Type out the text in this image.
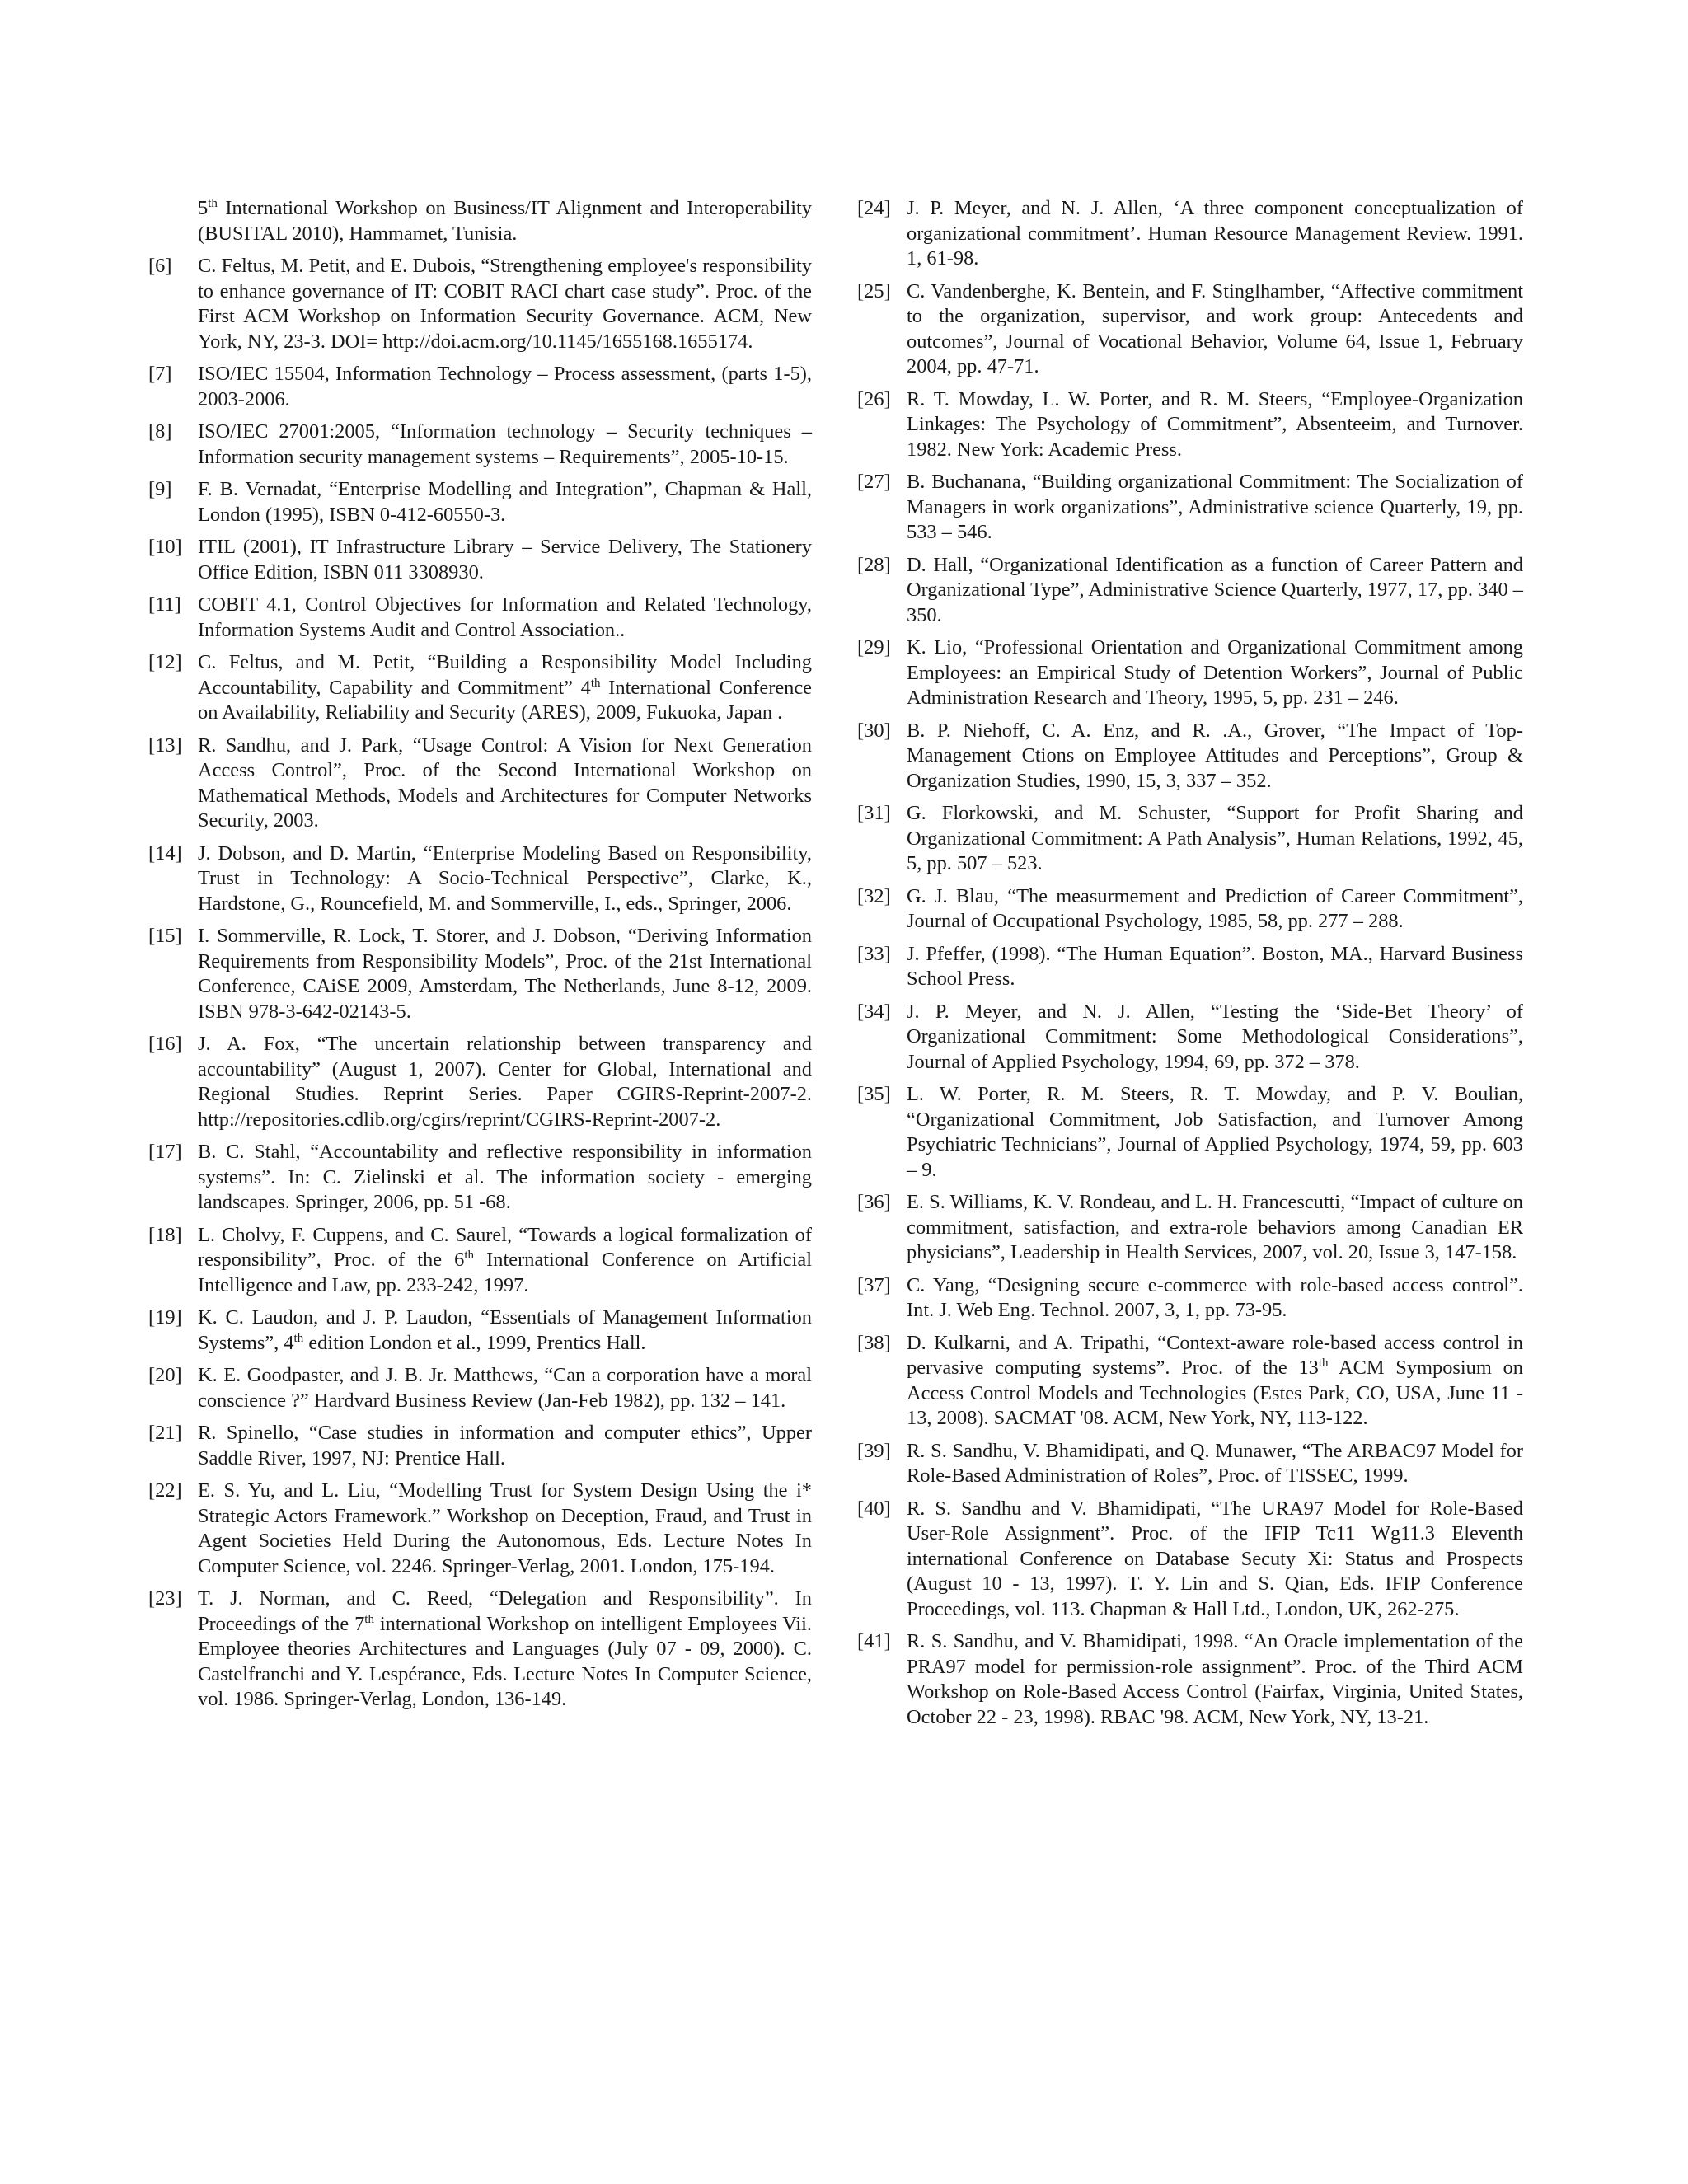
5th International Workshop on Business/IT Alignment and Interoperability (BUSITAL 2010), Hammamet, Tunisia.
[6]	C. Feltus, M. Petit, and E. Dubois, “Strengthening employee's responsibility to enhance governance of IT: COBIT RACI chart case study”. Proc. of the First ACM Workshop on Information Security Governance. ACM, New York, NY, 23-3. DOI= http://doi.acm.org/10.1145/1655168.1655174.
[7]	ISO/IEC 15504, Information Technology – Process assessment, (parts 1-5), 2003-2006.
[8]	ISO/IEC 27001:2005, “Information technology – Security techniques – Information security management systems – Requirements”, 2005-10-15.
[9]	F. B. Vernadat, “Enterprise Modelling and Integration”, Chapman & Hall, London (1995), ISBN 0-412-60550-3.
[10] ITIL (2001), IT Infrastructure Library – Service Delivery, The Stationery Office Edition, ISBN 011 3308930.
[11] COBIT 4.1, Control Objectives for Information and Related Technology, Information Systems Audit and Control Association..
[12] C. Feltus, and M. Petit, “Building a Responsibility Model Including Accountability, Capability and Commitment” 4th International Conference on Availability, Reliability and Security (ARES), 2009, Fukuoka, Japan .
[13] R. Sandhu, and J. Park, “Usage Control: A Vision for Next Generation Access Control”, Proc. of the Second International Workshop on Mathematical Methods, Models and Architectures for Computer Networks Security, 2003.
[14] J. Dobson, and D. Martin, “Enterprise Modeling Based on Responsibility, Trust in Technology: A Socio-Technical Perspective”, Clarke, K., Hardstone, G., Rouncefield, M. and Sommerville, I., eds., Springer, 2006.
[15] I. Sommerville, R. Lock, T. Storer, and J. Dobson, “Deriving Information Requirements from Responsibility Models”, Proc. of the 21st International Conference, CAiSE 2009, Amsterdam, The Netherlands, June 8-12, 2009. ISBN 978-3-642-02143-5.
[16] J. A. Fox, “The uncertain relationship between transparency and accountability” (August 1, 2007). Center for Global, International and Regional Studies. Reprint Series. Paper CGIRS-Reprint-2007-2. http://repositories.cdlib.org/cgirs/reprint/CGIRS-Reprint-2007-2.
[17] B. C. Stahl, “Accountability and reflective responsibility in information systems”. In: C. Zielinski et al. The information society - emerging landscapes. Springer, 2006, pp. 51 -68.
[18] L. Cholvy, F. Cuppens, and C. Saurel, “Towards a logical formalization of responsibility”, Proc. of the 6th International Conference on Artificial Intelligence and Law, pp. 233-242, 1997.
[19] K. C. Laudon, and J. P. Laudon, “Essentials of Management Information Systems”, 4th edition London et al., 1999, Prentics Hall.
[20] K. E. Goodpaster, and J. B. Jr. Matthews, “Can a corporation have a moral conscience ?” Hardvard Business Review (Jan-Feb 1982), pp. 132 – 141.
[21] R. Spinello, “Case studies in information and computer ethics”, Upper Saddle River, 1997, NJ: Prentice Hall.
[22] E. S. Yu, and L. Liu, “Modelling Trust for System Design Using the i* Strategic Actors Framework.” Workshop on Deception, Fraud, and Trust in Agent Societies Held During the Autonomous, Eds. Lecture Notes In Computer Science, vol. 2246. Springer-Verlag, 2001. London, 175-194.
[23] T. J. Norman, and C. Reed, “Delegation and Responsibility”. In Proceedings of the 7th international Workshop on intelligent Employees Vii. Employee theories Architectures and Languages (July 07 - 09, 2000). C. Castelfranchi and Y. Lespérance, Eds. Lecture Notes In Computer Science, vol. 1986. Springer-Verlag, London, 136-149.
[24] J. P. Meyer, and N. J. Allen, ‘A three component conceptualization of organizational commitment’. Human Resource Management Review. 1991. 1, 61-98.
[25] C. Vandenberghe, K. Bentein, and F. Stinglhamber, “Affective commitment to the organization, supervisor, and work group: Antecedents and outcomes”, Journal of Vocational Behavior, Volume 64, Issue 1, February 2004, pp. 47-71.
[26] R. T. Mowday, L. W. Porter, and R. M. Steers, “Employee-Organization Linkages: The Psychology of Commitment”, Absenteeim, and Turnover. 1982. New York: Academic Press.
[27] B. Buchanana, “Building organizational Commitment: The Socialization of Managers in work organizations”, Administrative science Quarterly, 19, pp. 533 – 546.
[28] D. Hall, “Organizational Identification as a function of Career Pattern and Organizational Type”, Administrative Science Quarterly, 1977, 17, pp. 340 – 350.
[29] K. Lio, “Professional Orientation and Organizational Commitment among Employees: an Empirical Study of Detention Workers”, Journal of Public Administration Research and Theory, 1995, 5, pp. 231 – 246.
[30] B. P. Niehoff, C. A. Enz, and R. .A., Grover, “The Impact of Top-Management Ctions on Employee Attitudes and Perceptions”, Group & Organization Studies, 1990, 15, 3, 337 – 352.
[31] G. Florkowski, and M. Schuster, “Support for Profit Sharing and Organizational Commitment: A Path Analysis”, Human Relations, 1992, 45, 5, pp. 507 – 523.
[32] G. J. Blau, “The measurmement and Prediction of Career Commitment”, Journal of Occupational Psychology, 1985, 58, pp. 277 – 288.
[33] J. Pfeffer, (1998). “The Human Equation”. Boston, MA., Harvard Business School Press.
[34] J. P. Meyer, and N. J. Allen, “Testing the ‘Side-Bet Theory’ of Organizational Commitment: Some Methodological Considerations”, Journal of Applied Psychology, 1994, 69, pp. 372 – 378.
[35] L. W. Porter, R. M. Steers, R. T. Mowday, and P. V. Boulian, “Organizational Commitment, Job Satisfaction, and Turnover Among Psychiatric Technicians”, Journal of Applied Psychology, 1974, 59, pp. 603 – 9.
[36] E. S. Williams, K. V. Rondeau, and L. H. Francescutti, “Impact of culture on commitment, satisfaction, and extra-role behaviors among Canadian ER physicians”, Leadership in Health Services, 2007, vol. 20, Issue 3, 147-158.
[37] C. Yang, “Designing secure e-commerce with role-based access control”. Int. J. Web Eng. Technol. 2007, 3, 1, pp. 73-95.
[38] D. Kulkarni, and A. Tripathi, “Context-aware role-based access control in pervasive computing systems”. Proc. of the 13th ACM Symposium on Access Control Models and Technologies (Estes Park, CO, USA, June 11 - 13, 2008). SACMAT '08. ACM, New York, NY, 113-122.
[39] R. S. Sandhu, V. Bhamidipati, and Q. Munawer, “The ARBAC97 Model for Role-Based Administration of Roles”, Proc. of TISSEC, 1999.
[40] R. S. Sandhu and V. Bhamidipati, “The URA97 Model for Role-Based User-Role Assignment”. Proc. of the IFIP Tc11 Wg11.3 Eleventh international Conference on Database Secuty Xi: Status and Prospects (August 10 - 13, 1997). T. Y. Lin and S. Qian, Eds. IFIP Conference Proceedings, vol. 113. Chapman & Hall Ltd., London, UK, 262-275.
[41] R. S. Sandhu, and V. Bhamidipati, 1998. “An Oracle implementation of the PRA97 model for permission-role assignment”. Proc. of the Third ACM Workshop on Role-Based Access Control (Fairfax, Virginia, United States, October 22 - 23, 1998). RBAC '98. ACM, New York, NY, 13-21.
